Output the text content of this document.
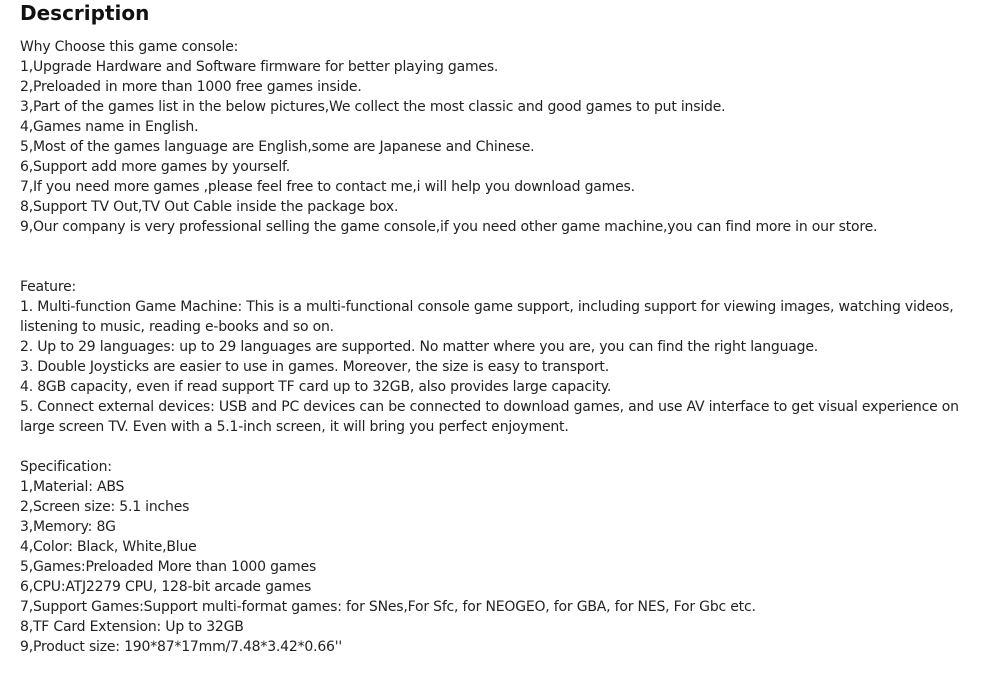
Description

Why Choose this game console:

1,Upgrade Hardware and Software firmware for better playing games.

2,Preloaded in more than 1000 free games inside.

3,Part of the games list in the below pictures,We collect the most classic and good games to put inside.

4,Games name in English.

5,Most of the games language are English,some are Japanese and Chinese.

6,Support add more games by yourself.

7,If you need more games ,please feel free to contact me,i will help you download games.

8,Support TV Out,TV Out Cable inside the package box.

9,Our company is very professional selling the game console,if you need other game machine,you can find more in our store.

Feature:

1. Multi-function Game Machine: This is a multi-functional console game support, including support for viewing images, watching videos, listening to music, reading e-books and so on.

2. Up to 29 languages: up to 29 languages are supported. No matter where you are, you can find the right language.

3. Double Joysticks are easier to use in games. Moreover, the size is easy to transport.

4. 8GB capacity, even if read support TF card up to 32GB, also provides large capacity.

5. Connect external devices: USB and PC devices can be connected to download games, and use AV interface to get visual experience on large screen TV. Even with a 5.1-inch screen, it will bring you perfect enjoyment.

Specification:

1,Material: ABS

2,Screen size: 5.1 inches

3,Memory: 8G

4,Color: Black, White,Blue

5,Games:Preloaded More than 1000 games

6,CPU:ATJ2279 CPU, 128-bit arcade games

7,Support Games:Support multi-format games: for SNes,For Sfc, for NEOGEO, for GBA, for NES, For Gbc etc.

8,TF Card Extension: Up to 32GB

9,Product size: 190*87*17mm/7.48*3.42*0.66''
